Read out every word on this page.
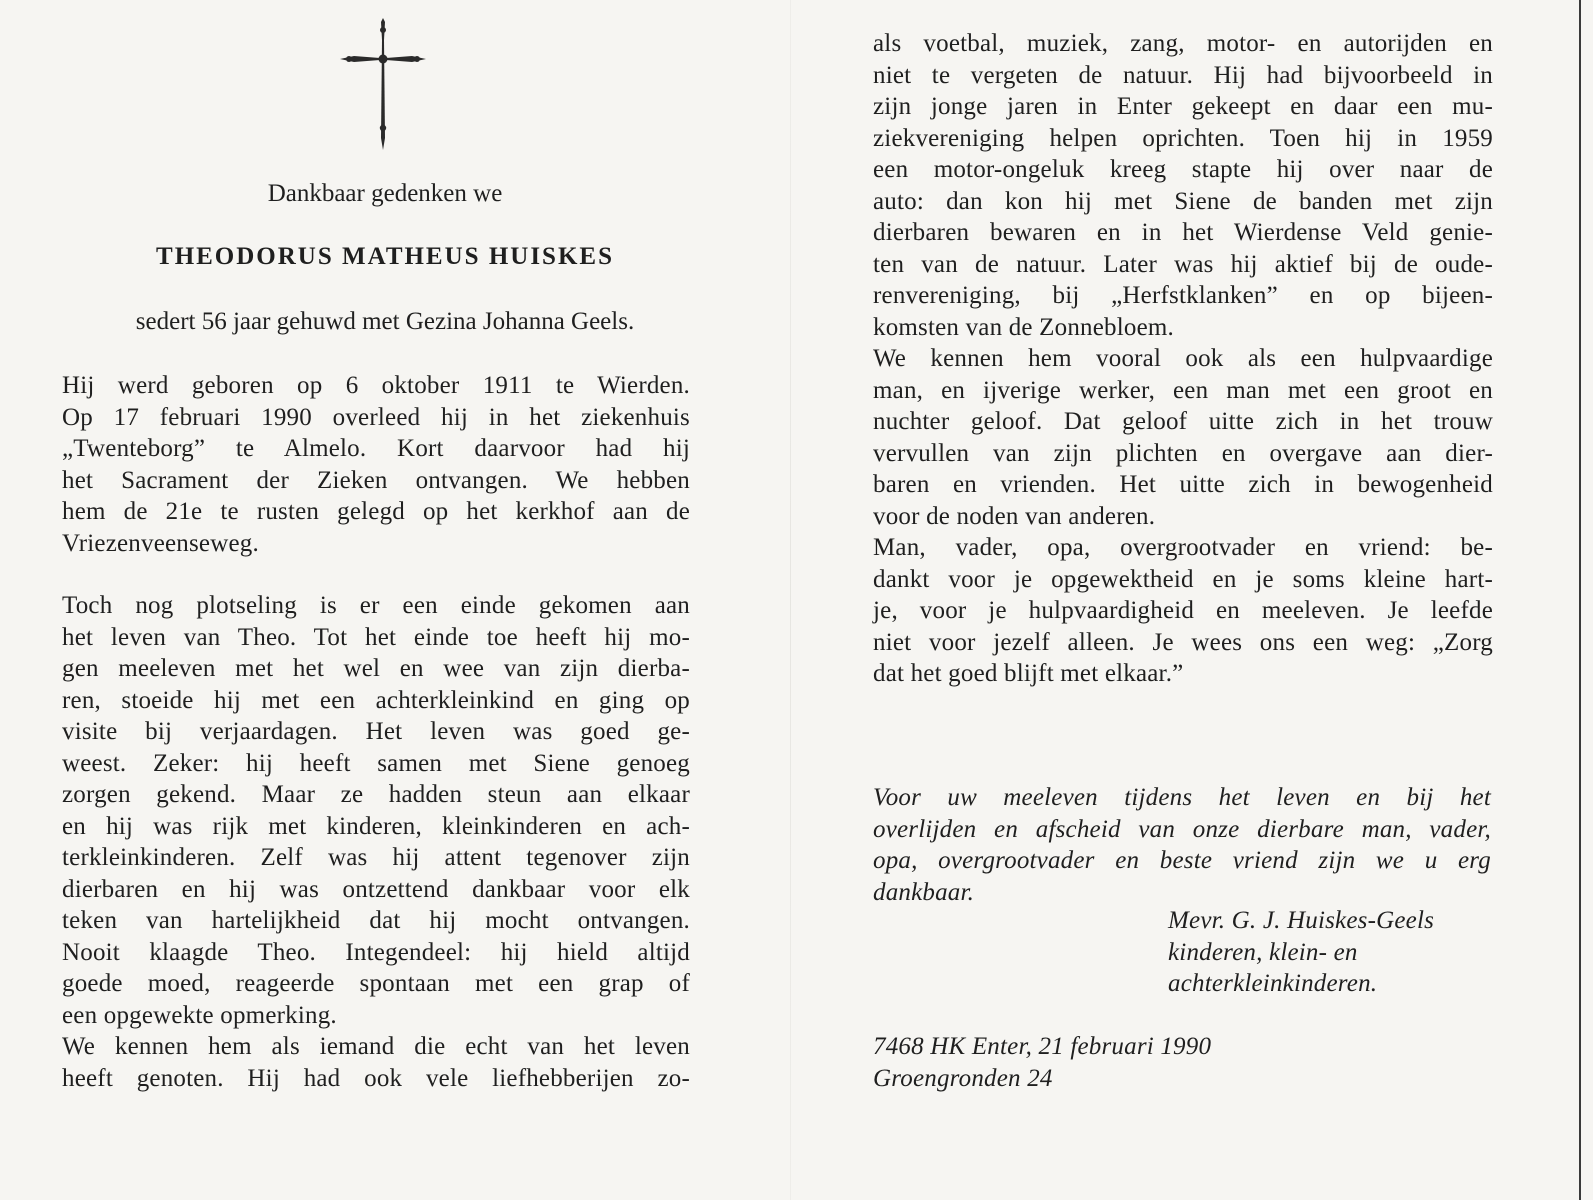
Dankbaar gedenken we
THEODORUS MATHEUS HUISKES
sedert 56 jaar gehuwd met Gezina Johanna Geels.
Hij werd geboren op 6 oktober 1911 te Wierden.
Op 17 februari 1990 overleed hij in het ziekenhuis
„Twenteborg” te Almelo. Kort daarvoor had hij
het Sacrament der Zieken ontvangen. We hebben
hem de 21e te rusten gelegd op het kerkhof aan de
Vriezenveenseweg.
Toch nog plotseling is er een einde gekomen aan
het leven van Theo. Tot het einde toe heeft hij mo-
gen meeleven met het wel en wee van zijn dierba-
ren, stoeide hij met een achterkleinkind en ging op
visite bij verjaardagen. Het leven was goed ge-
weest. Zeker: hij heeft samen met Siene genoeg
zorgen gekend. Maar ze hadden steun aan elkaar
en hij was rijk met kinderen, kleinkinderen en ach-
terkleinkinderen. Zelf was hij attent tegenover zijn
dierbaren en hij was ontzettend dankbaar voor elk
teken van hartelijkheid dat hij mocht ontvangen.
Nooit klaagde Theo. Integendeel: hij hield altijd
goede moed, reageerde spontaan met een grap of
een opgewekte opmerking.
We kennen hem als iemand die echt van het leven
heeft genoten. Hij had ook vele liefhebberijen zo-
als voetbal, muziek, zang, motor- en autorijden en
niet te vergeten de natuur. Hij had bijvoorbeeld in
zijn jonge jaren in Enter gekeept en daar een mu-
ziekvereniging helpen oprichten. Toen hij in 1959
een motor-ongeluk kreeg stapte hij over naar de
auto: dan kon hij met Siene de banden met zijn
dierbaren bewaren en in het Wierdense Veld genie-
ten van de natuur. Later was hij aktief bij de oude-
renvereniging, bij „Herfstklanken” en op bijeen-
komsten van de Zonnebloem.
We kennen hem vooral ook als een hulpvaardige
man, en ijverige werker, een man met een groot en
nuchter geloof. Dat geloof uitte zich in het trouw
vervullen van zijn plichten en overgave aan dier-
baren en vrienden. Het uitte zich in bewogenheid
voor de noden van anderen.
Man, vader, opa, overgrootvader en vriend: be-
dankt voor je opgewektheid en je soms kleine hart-
je, voor je hulpvaardigheid en meeleven. Je leefde
niet voor jezelf alleen. Je wees ons een weg: „Zorg
dat het goed blijft met elkaar.”
Voor uw meeleven tijdens het leven en bij het
overlijden en afscheid van onze dierbare man, vader,
opa, overgrootvader en beste vriend zijn we u erg
dankbaar.
Mevr. G. J. Huiskes-Geels
kinderen, klein- en
achterkleinkinderen.
7468 HK Enter, 21 februari 1990
Groengronden 24
